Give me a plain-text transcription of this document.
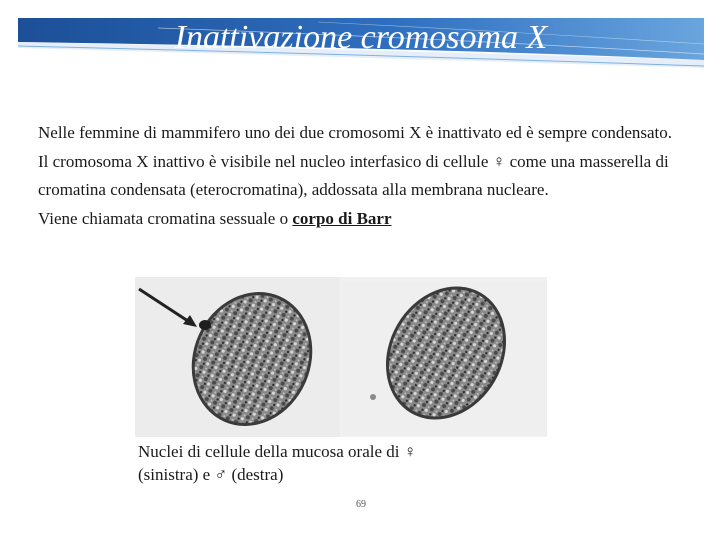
Inattivazione cromosoma X

Nelle femmine di mammifero uno dei due cromosomi X è inattivato ed è sempre condensato.

Il cromosoma X inattivo è visibile nel nucleo interfasico di cellule ♀ come una masserella di cromatina condensata (eterocromatina), addossata alla membrana nucleare.

Viene chiamata cromatina sessuale o corpo di Barr

Nuclei di cellule della mucosa orale di ♀
(sinistra) e ♂ (destra)
69
